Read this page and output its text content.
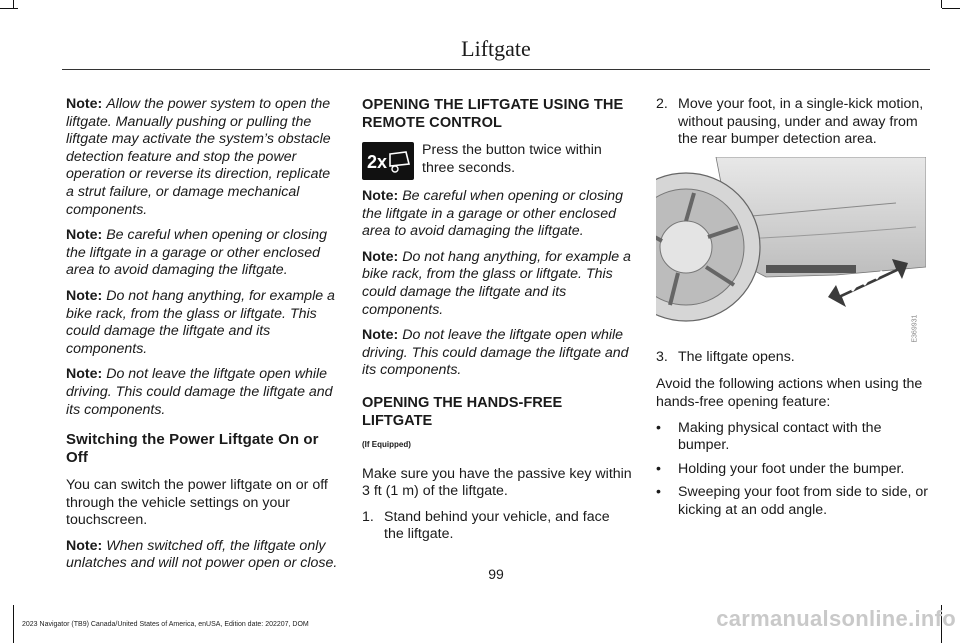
Liftgate

Note: Allow the power system to open the liftgate. Manually pushing or pulling the liftgate may activate the system’s obstacle detection feature and stop the power operation or reverse its direction, replicate a strut failure, or damage mechanical components.

Note: Be careful when opening or closing the liftgate in a garage or other enclosed area to avoid damaging the liftgate.

Note: Do not hang anything, for example a bike rack, from the glass or liftgate. This could damage the liftgate and its components.

Note: Do not leave the liftgate open while driving. This could damage the liftgate and its components.

Switching the Power Liftgate On or Off

You can switch the power liftgate on or off through the vehicle settings on your touchscreen.

Note: When switched off, the liftgate only unlatches and will not power open or close.

OPENING THE LIFTGATE USING THE REMOTE CONTROL
2x
Press the button twice within three seconds.

Note: Be careful when opening or closing the liftgate in a garage or other enclosed area to avoid damaging the liftgate.

Note: Do not hang anything, for example a bike rack, from the glass or liftgate. This could damage the liftgate and its components.

Note: Do not leave the liftgate open while driving. This could damage the liftgate and its components.

OPENING THE HANDS-FREE LIFTGATE
(If Equipped)

Make sure you have the passive key within 3 ft (1 m) of the liftgate.

1. Stand behind your vehicle, and face the liftgate.
2. Move your foot, in a single-kick motion, without pausing, under and away from the rear bumper detection area.
E369931
3. The liftgate opens.

Avoid the following actions when using the hands-free opening feature:

•	Making physical contact with the bumper.
•	Holding your foot under the bumper.
•	Sweeping your foot from side to side, or kicking at an odd angle.
99
2023 Navigator (TB9) Canada/United States of America, enUSA, Edition date: 202207, DOM	carmanualsonline.info
